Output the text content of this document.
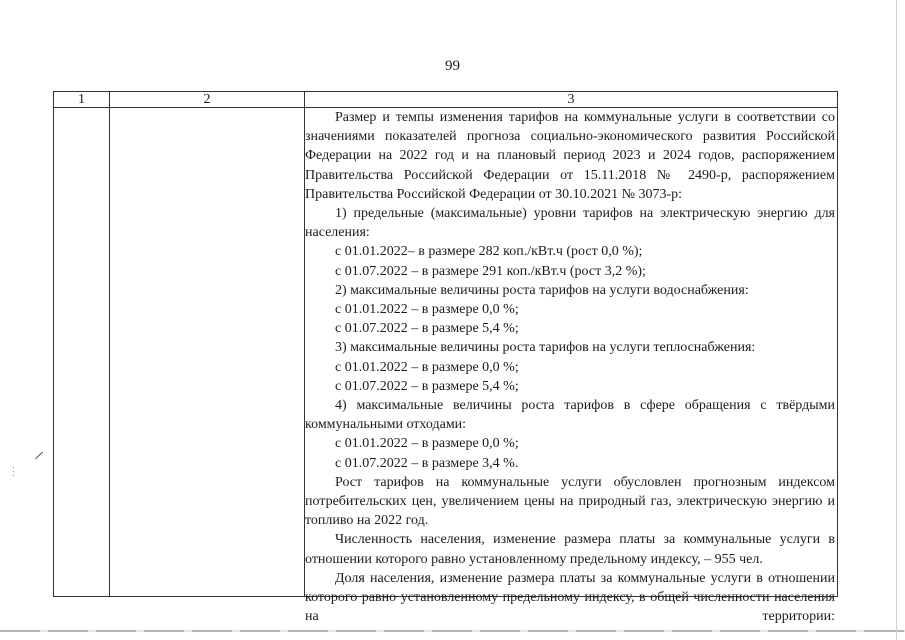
99
1	2	3

Размер и темпы изменения тарифов на коммунальные услуги в соответствии со значениями показателей прогноза социально-экономического развития Российской Федерации на 2022 год и на плановый период 2023 и 2024 годов, распоряжением Правительства Российской Федерации от 15.11.2018 № 2490-р, распоряжением Правительства Российской Федерации от 30.10.2021 № 3073-р:

1) предельные (максимальные) уровни тарифов на электрическую энергию для населения:

с 01.01.2022– в размере 282 коп./кВт.ч (рост 0,0 %);

с 01.07.2022 – в размере 291 коп./кВт.ч (рост 3,2 %);

2) максимальные величины роста тарифов на услуги водоснабжения:

с 01.01.2022 – в размере 0,0 %;

с 01.07.2022 – в размере 5,4 %;

3) максимальные величины роста тарифов на услуги теплоснабжения:

с 01.01.2022 – в размере 0,0 %;

с 01.07.2022 – в размере 5,4 %;

4) максимальные величины роста тарифов в сфере обращения с твёрдыми коммунальными отходами:

с 01.01.2022 – в размере 0,0 %;

с 01.07.2022 – в размере 3,4 %.

Рост тарифов на коммунальные услуги обусловлен прогнозным индексом потребительских цен, увеличением цены на природный газ, электрическую энергию и топливо на 2022 год.

Численность населения, изменение размера платы за коммунальные услуги в отношении которого равно установленному предельному индексу, – 955 чел.

Доля населения, изменение размера платы за коммунальные услуги в отношении которого равно установленному предельному индексу, в общей численности населения на территории:

.
:
